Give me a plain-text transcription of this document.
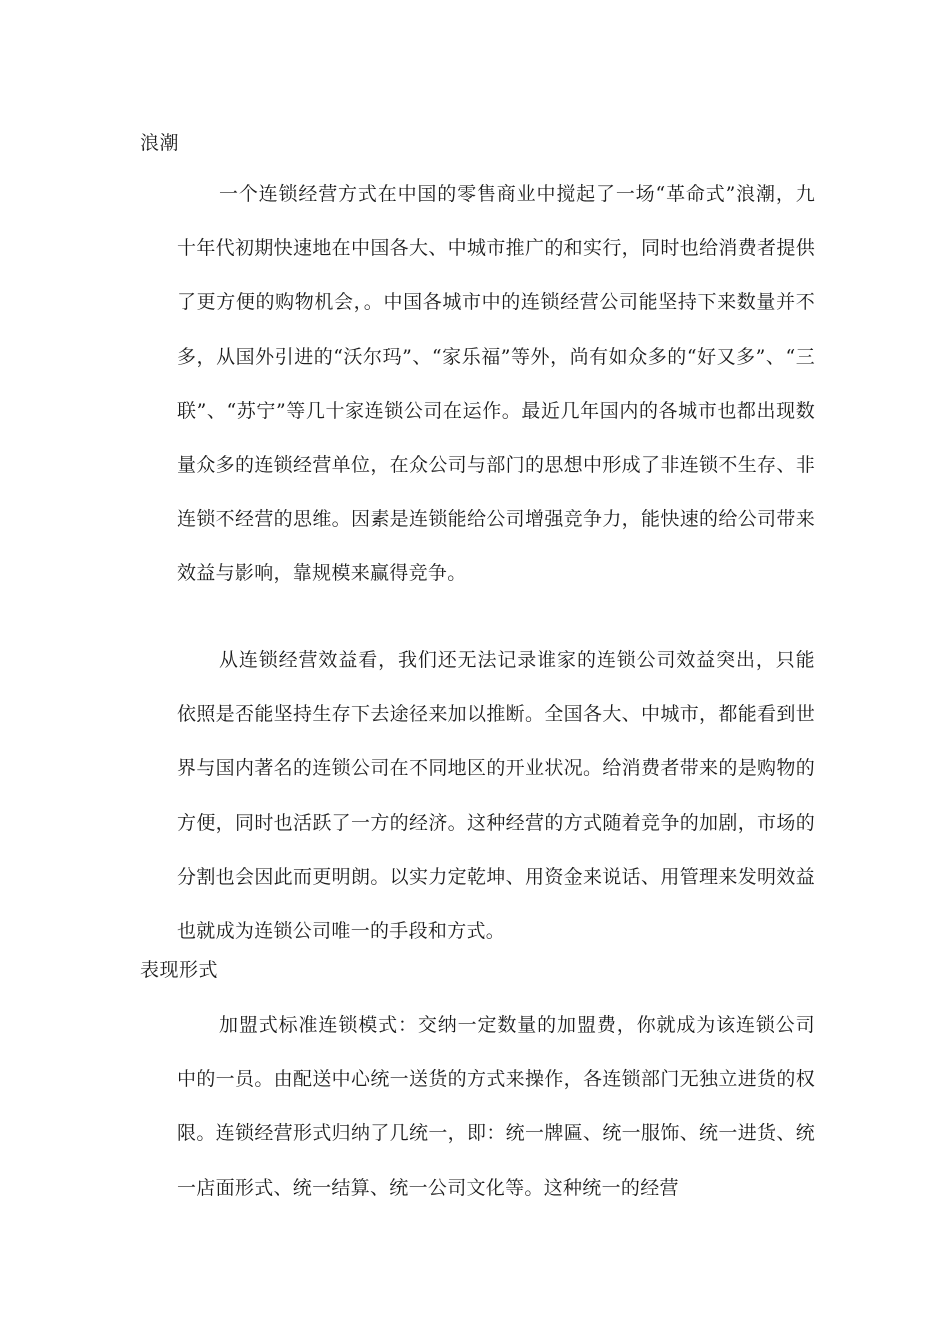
浪潮
一个连锁经营方式在中国的零售商业中搅起了一场“革命式”浪潮，九十年代初期快速地在中国各大、中城市推广的和实行，同时也给消费者提供了更方便的购物机会，。中国各城市中的连锁经营公司能坚持下来数量并不多，从国外引进的“沃尔玛”、“家乐福”等外，尚有如众多的“好又多”、“三联”、“苏宁”等几十家连锁公司在运作。最近几年国内的各城市也都出现数量众多的连锁经营单位，在众公司与部门的思想中形成了非连锁不生存、非连锁不经营的思维。因素是连锁能给公司增强竞争力，能快速的给公司带来效益与影响，靠规模来赢得竞争。
从连锁经营效益看，我们还无法记录谁家的连锁公司效益突出，只能依照是否能坚持生存下去途径来加以推断。全国各大、中城市，都能看到世界与国内著名的连锁公司在不同地区的开业状况。给消费者带来的是购物的方便，同时也活跃了一方的经济。这种经营的方式随着竞争的加剧，市场的分割也会因此而更明朗。以实力定乾坤、用资金来说话、用管理来发明效益也就成为连锁公司唯一的手段和方式。
表现形式
加盟式标准连锁模式：交纳一定数量的加盟费，你就成为该连锁公司中的一员。由配送中心统一送货的方式来操作，各连锁部门无独立进货的权限。连锁经营形式归纳了几统一，即：统一牌匾、统一服饰、统一进货、统一店面形式、统一结算、统一公司文化等。这种统一的经营
